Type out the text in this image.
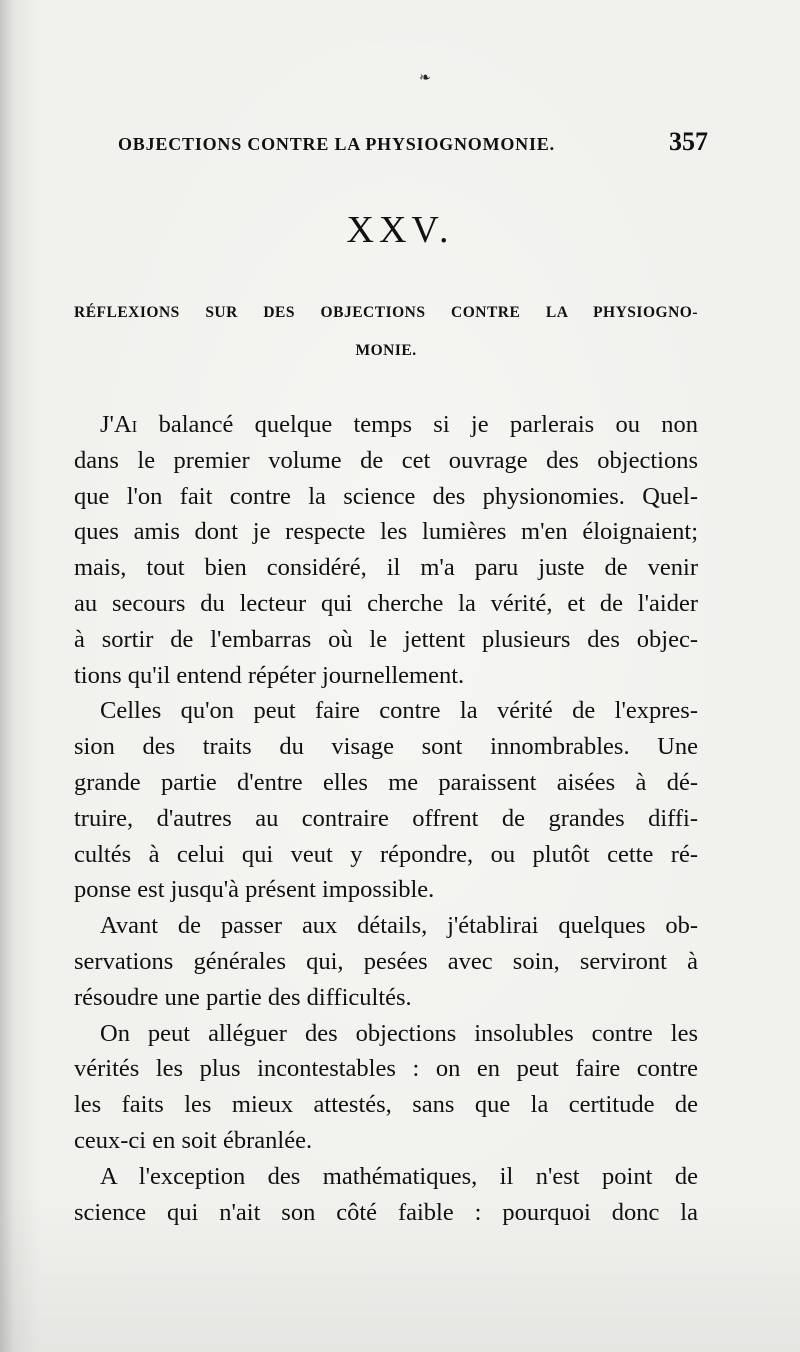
❧
OBJECTIONS CONTRE LA PHYSIOGNOMONIE.	357
XXV.
RÉFLEXIONS SUR DES OBJECTIONS CONTRE LA PHYSIOGNO-
MONIE.
J'Ai balancé quelque temps si je parlerais ou non
dans le premier volume de cet ouvrage des objections
que l'on fait contre la science des physionomies. Quel-
ques amis dont je respecte les lumières m'en éloignaient;
mais, tout bien considéré, il m'a paru juste de venir
au secours du lecteur qui cherche la vérité, et de l'aider
à sortir de l'embarras où le jettent plusieurs des objec-
tions qu'il entend répéter journellement.
Celles qu'on peut faire contre la vérité de l'expres-
sion des traits du visage sont innombrables. Une
grande partie d'entre elles me paraissent aisées à dé-
truire, d'autres au contraire offrent de grandes diffi-
cultés à celui qui veut y répondre, ou plutôt cette ré-
ponse est jusqu'à présent impossible.
Avant de passer aux détails, j'établirai quelques ob-
servations générales qui, pesées avec soin, serviront à
résoudre une partie des difficultés.
On peut alléguer des objections insolubles contre les
vérités les plus incontestables : on en peut faire contre
les faits les mieux attestés, sans que la certitude de
ceux-ci en soit ébranlée.
A l'exception des mathématiques, il n'est point de
science qui n'ait son côté faible : pourquoi donc la
